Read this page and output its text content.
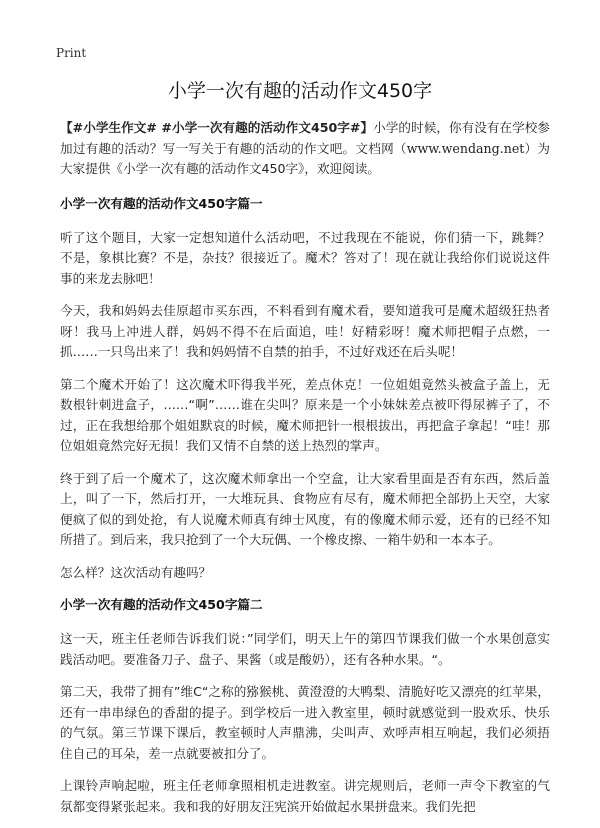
Print
小学一次有趣的活动作文450字

【#小学生作文# #小学一次有趣的活动作文450字#】小学的时候，你有没有在学校参加过有趣的活动？写一写关于有趣的活动的作文吧。文档网（www.wendang.net）为大家提供《小学一次有趣的活动作文450字》，欢迎阅读。

小学一次有趣的活动作文450字篇一

听了这个题目，大家一定想知道什么活动吧，不过我现在不能说，你们猜一下，跳舞？不是，象棋比赛？不是，杂技？很接近了。魔术？答对了！现在就让我给你们说说这件事的来龙去脉吧！

今天，我和妈妈去佳原超市买东西，不料看到有魔术看，要知道我可是魔术超级狂热者呀！我马上冲进人群，妈妈不得不在后面追，哇！好精彩呀！魔术师把帽子点燃，一抓……一只鸟出来了！我和妈妈情不自禁的拍手，不过好戏还在后头呢！

第二个魔术开始了！这次魔术吓得我半死，差点休克！一位姐姐竟然头被盒子盖上，无数根针刺进盒子，……“啊”……谁在尖叫？原来是一个小妹妹差点被吓得尿裤子了，不过，正在我想给那个姐姐默哀的时候，魔术师把针一根根拔出，再把盒子拿起！“哇！那位姐姐竟然完好无损！我们又情不自禁的送上热烈的掌声。

终于到了后一个魔术了，这次魔术师拿出一个空盒，让大家看里面是否有东西，然后盖上，叫了一下，然后打开，一大堆玩具、食物应有尽有，魔术师把全部扔上天空，大家便疯了似的到处抢，有人说魔术师真有绅士风度，有的像魔术师示爱，还有的已经不知所措了。到后来，我只抢到了一个大玩偶、一个橡皮擦、一箱牛奶和一本本子。

怎么样？这次活动有趣吗？

小学一次有趣的活动作文450字篇二

这一天，班主任老师告诉我们说：”同学们，明天上午的第四节课我们做一个水果创意实践活动吧。要准备刀子、盘子、果酱（或是酸奶），还有各种水果。“。

第二天，我带了拥有”维C“之称的猕猴桃、黄澄澄的大鸭梨、清脆好吃又漂亮的红苹果，还有一串串绿色的香甜的提子。到学校后一进入教室里，顿时就感觉到一股欢乐、快乐的气氛。第三节课下课后，教室顿时人声鼎沸，尖叫声、欢呼声相互响起，我们必须捂住自己的耳朵，差一点就要被扣分了。

上课铃声响起啦，班主任老师拿照相机走进教室。讲完规则后，老师一声令下教室的气氛都变得紧张起来。我和我的好朋友汪宪滨开始做起水果拼盘来。我们先把
